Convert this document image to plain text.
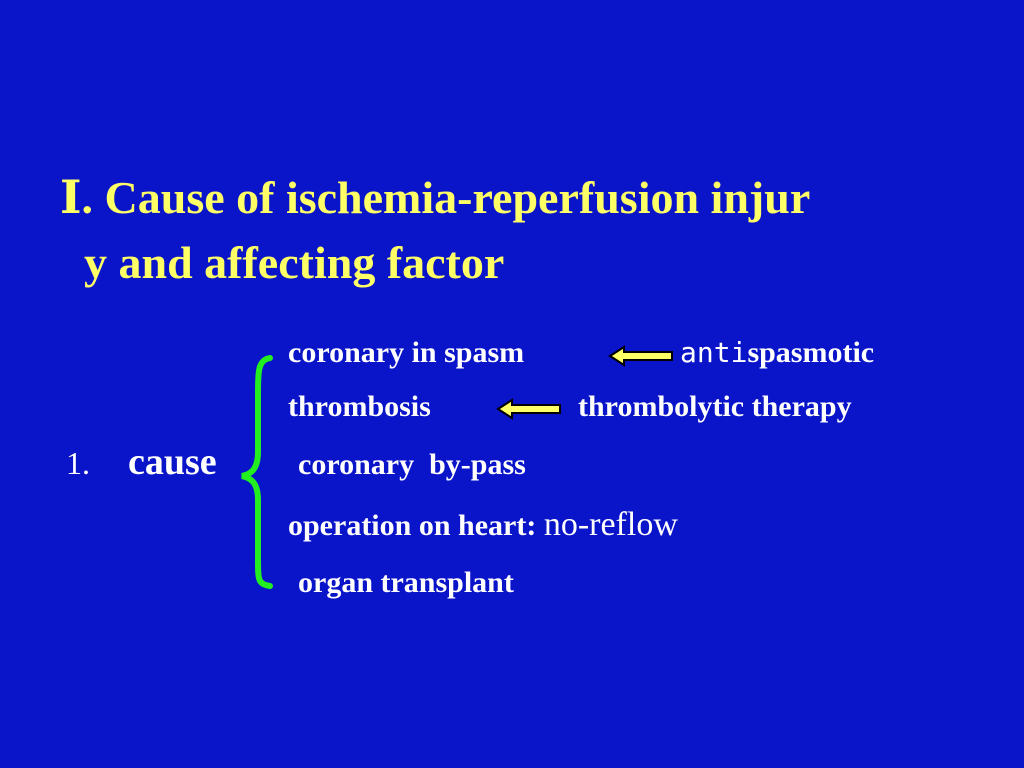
Ⅰ. Cause of ischemia-reperfusion injur
y and affecting factor
1. cause
coronary in spasm	antispasmotic
thrombosis	thrombolytic therapy
coronary  by-pass
operation on heart: no-reflow
organ transplant
